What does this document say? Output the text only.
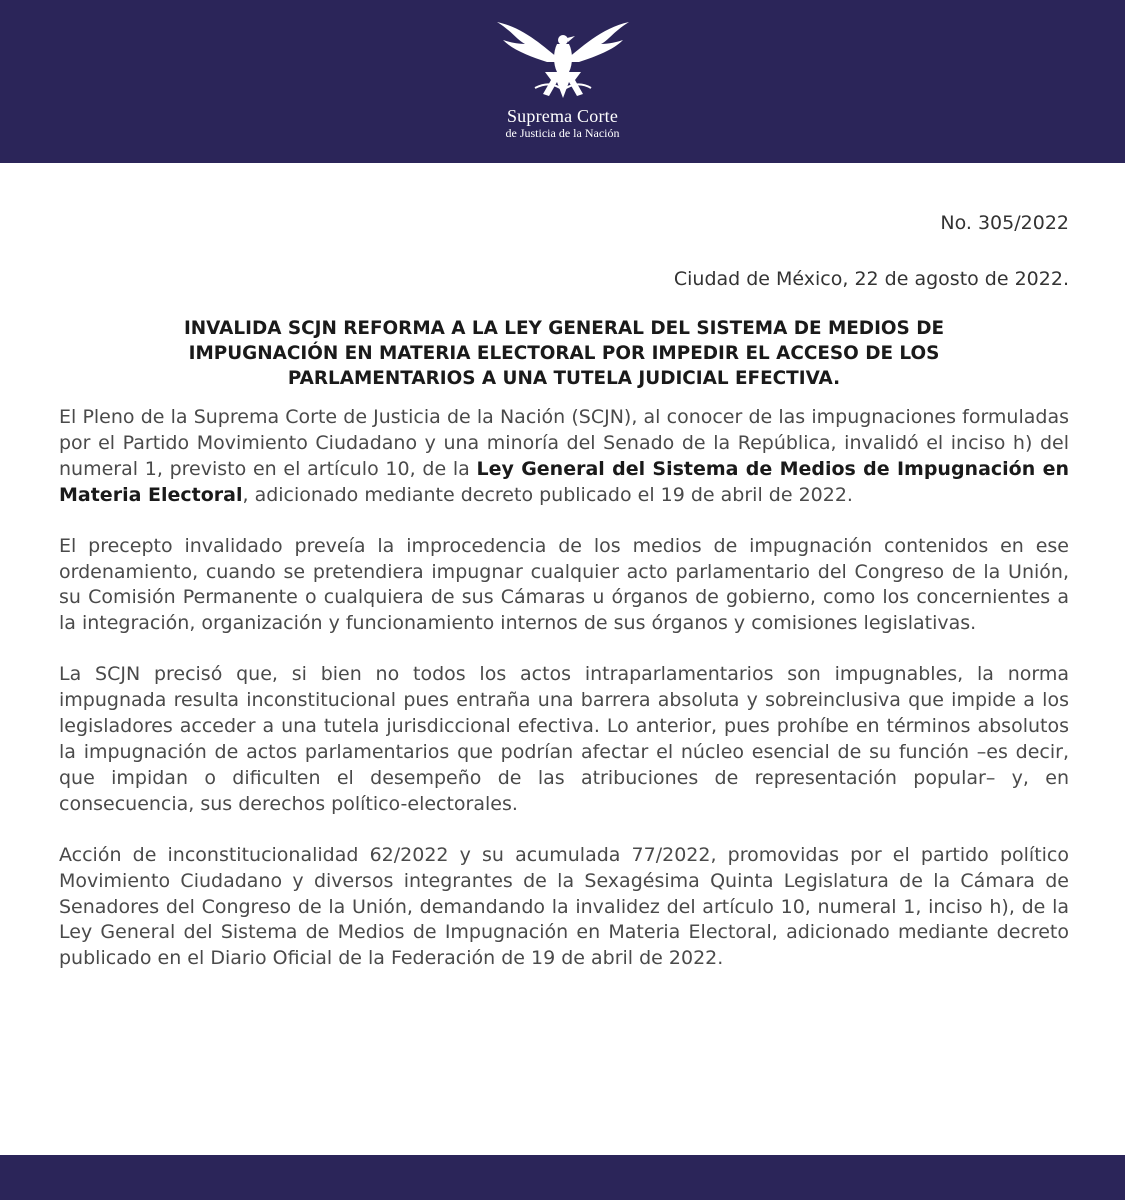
Suprema Corte
de Justicia de la Nación
No. 305/2022
Ciudad de México, 22 de agosto de 2022.
INVALIDA SCJN REFORMA A LA LEY GENERAL DEL SISTEMA DE MEDIOS DE
IMPUGNACIÓN EN MATERIA ELECTORAL POR IMPEDIR EL ACCESO DE LOS
PARLAMENTARIOS A UNA TUTELA JUDICIAL EFECTIVA.

El Pleno de la Suprema Corte de Justicia de la Nación (SCJN), al conocer de las impugnaciones formuladas por el Partido Movimiento Ciudadano y una minoría del Senado de la República, invalidó el inciso h) del numeral 1, previsto en el artículo 10, de la Ley General del Sistema de Medios de Impugnación en Materia Electoral, adicionado mediante decreto publicado el 19 de abril de 2022.

El precepto invalidado preveía la improcedencia de los medios de impugnación contenidos en ese ordenamiento, cuando se pretendiera impugnar cualquier acto parlamentario del Congreso de la Unión, su Comisión Permanente o cualquiera de sus Cámaras u órganos de gobierno, como los concernientes a la integración, organización y funcionamiento internos de sus órganos y comisiones legislativas.

La SCJN precisó que, si bien no todos los actos intraparlamentarios son impugnables, la norma impugnada resulta inconstitucional pues entraña una barrera absoluta y sobreinclusiva que impide a los legisladores acceder a una tutela jurisdiccional efectiva. Lo anterior, pues prohíbe en términos absolutos la impugnación de actos parlamentarios que podrían afectar el núcleo esencial de su función –es decir, que impidan o dificulten el desempeño de las atribuciones de representación popular– y, en consecuencia, sus derechos político-electorales.

Acción de inconstitucionalidad 62/2022 y su acumulada 77/2022, promovidas por el partido político Movimiento Ciudadano y diversos integrantes de la Sexagésima Quinta Legislatura de la Cámara de Senadores del Congreso de la Unión, demandando la invalidez del artículo 10, numeral 1, inciso h), de la Ley General del Sistema de Medios de Impugnación en Materia Electoral, adicionado mediante decreto publicado en el Diario Oficial de la Federación de 19 de abril de 2022.
